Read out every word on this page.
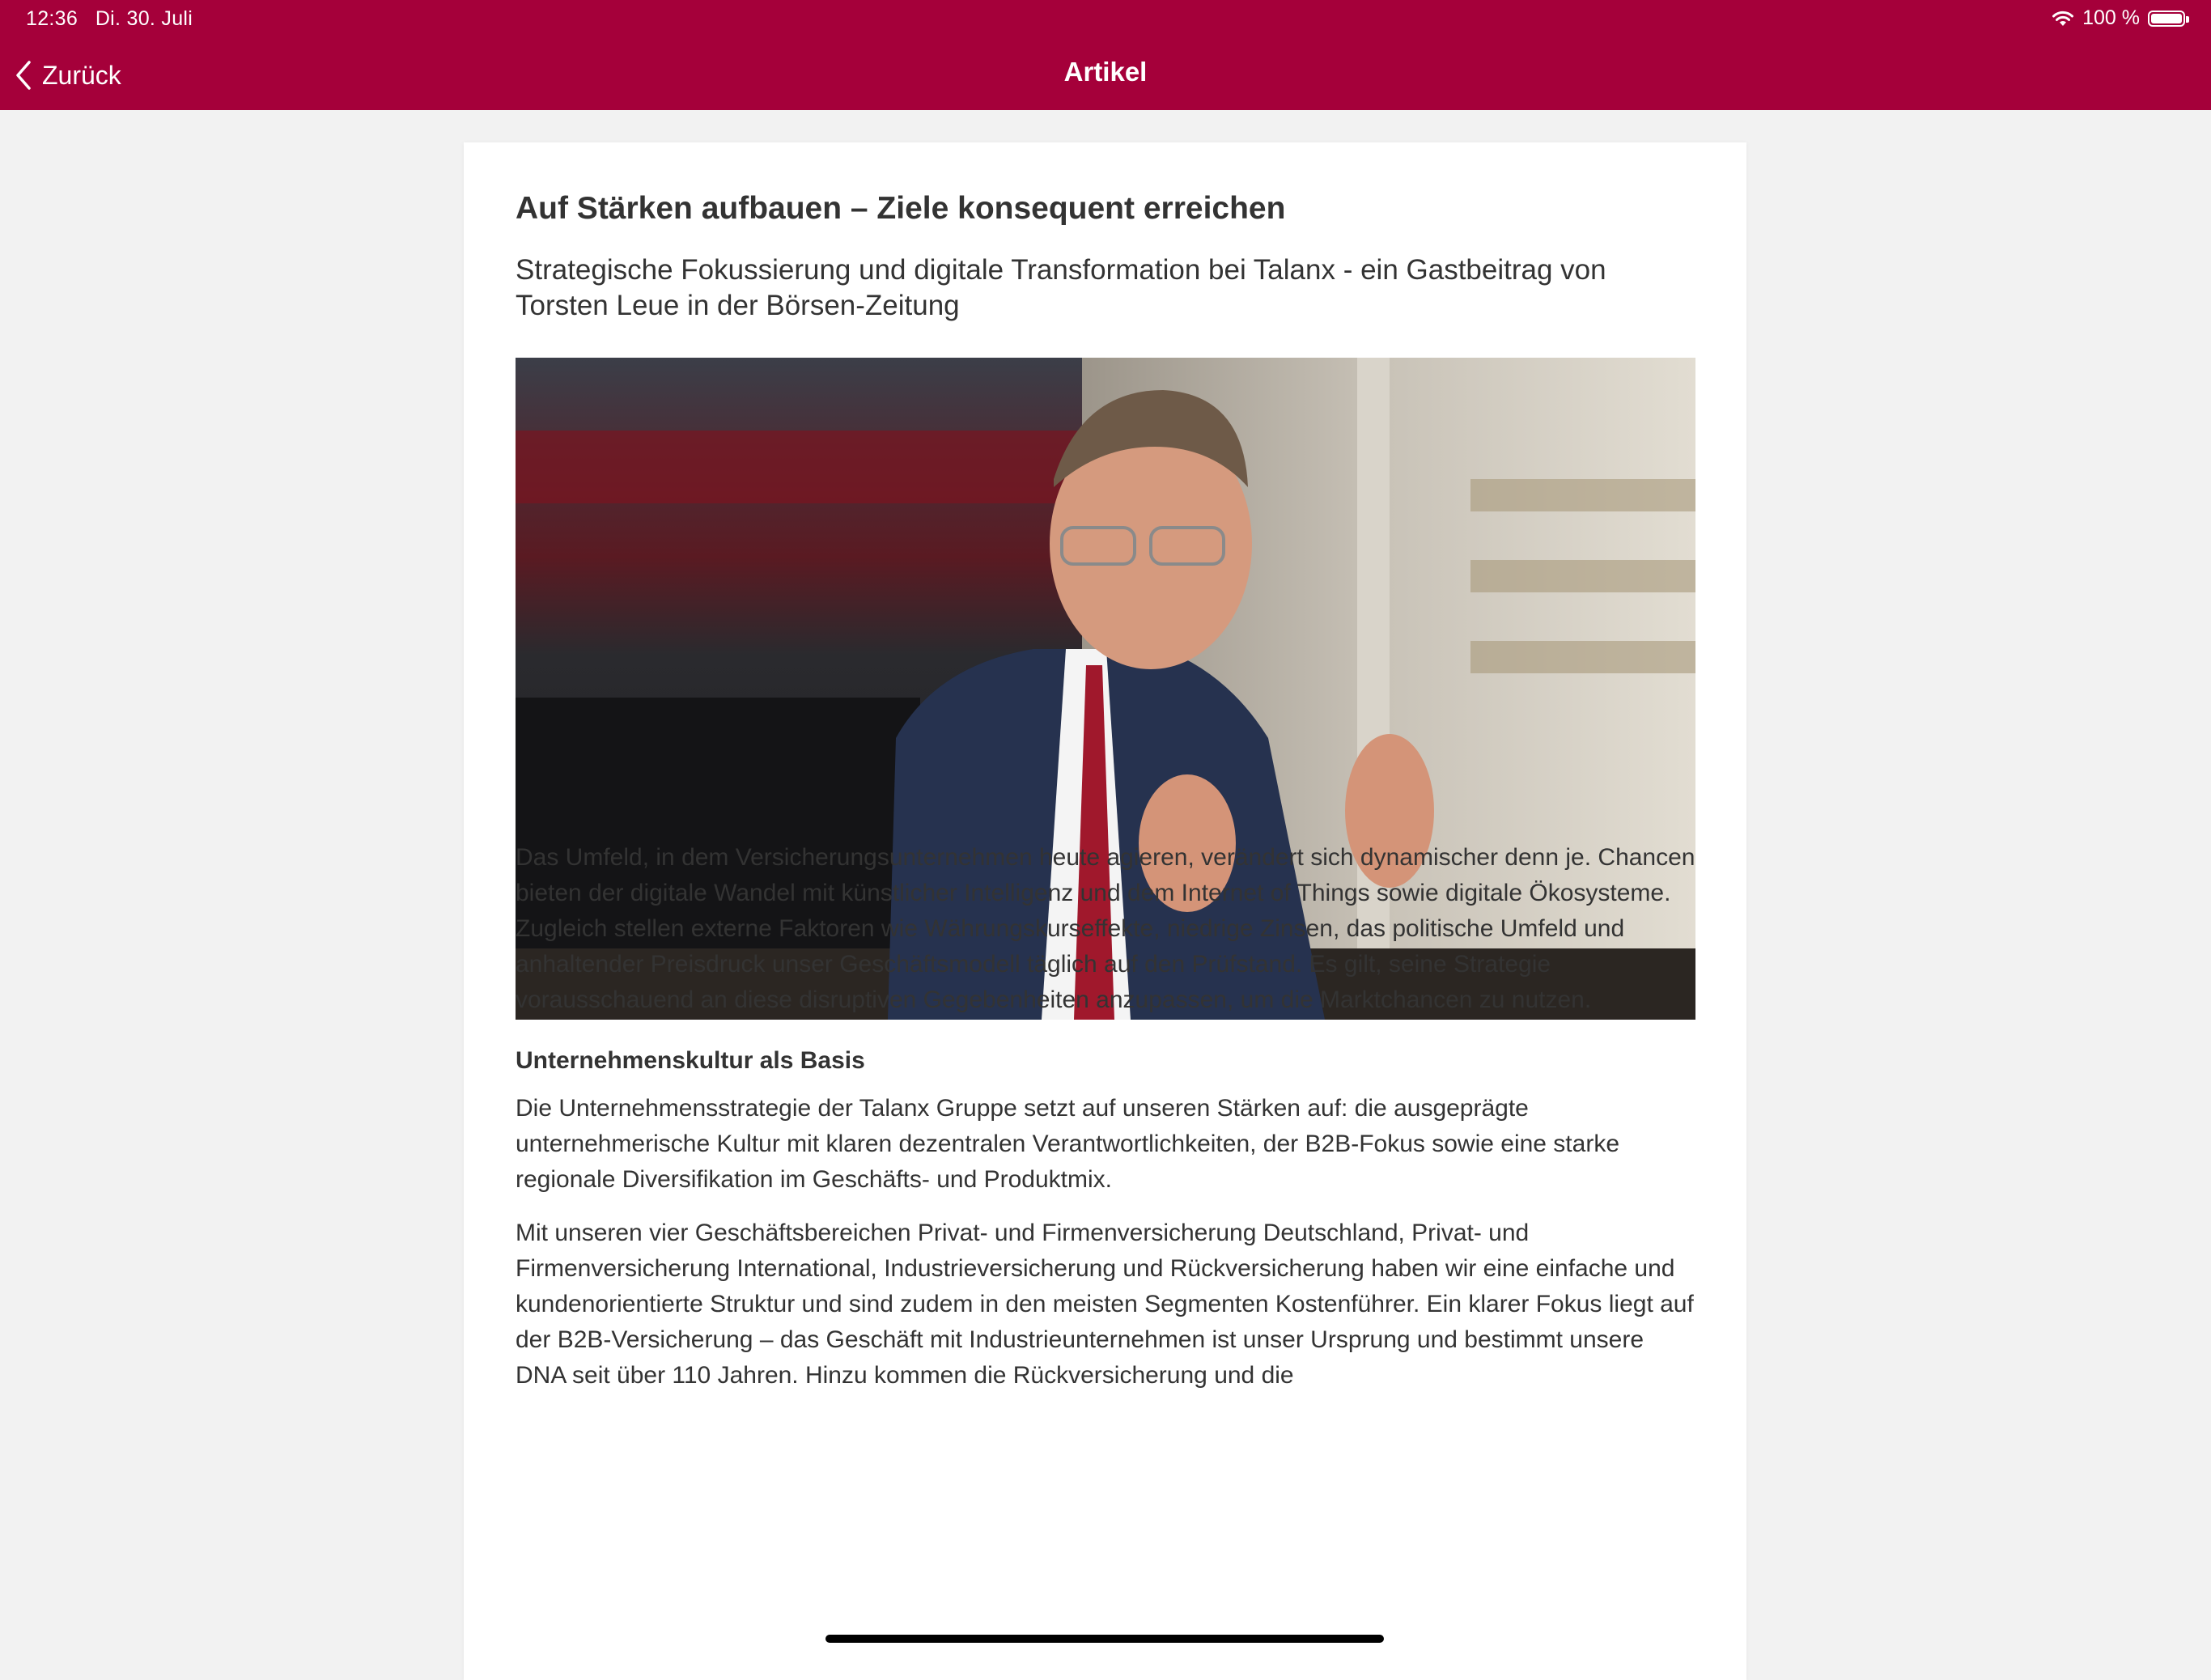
12:36 Di. 30. Juli	100 %
Zurück	Artikel
Auf Stärken aufbauen – Ziele konsequent erreichen

Strategische Fokussierung und digitale Transformation bei Talanx - ein Gastbeitrag von Torsten Leue in der Börsen-Zeitung

Das Umfeld, in dem Versicherungsunternehmen heute agieren, verändert sich dynamischer denn je. Chancen bieten der digitale Wandel mit künstlicher Intelligenz und dem Internet of Things sowie digitale Ökosysteme. Zugleich stellen externe Faktoren wie Währungskurseffekte, niedrige Zinsen, das politische Umfeld und anhaltender Preisdruck unser Geschäftsmodell täglich auf den Prüfstand. Es gilt, seine Strategie vorausschauend an diese disruptiven Gegebenheiten anzupassen, um die Marktchancen zu nutzen.

Unternehmenskultur als Basis

Die Unternehmensstrategie der Talanx Gruppe setzt auf unseren Stärken auf: die ausgeprägte unternehmerische Kultur mit klaren dezentralen Verantwortlichkeiten, der B2B-Fokus sowie eine starke regionale Diversifikation im Geschäfts- und Produktmix.

Mit unseren vier Geschäftsbereichen Privat- und Firmenversicherung Deutschland, Privat- und Firmenversicherung International, Industrieversicherung und Rückversicherung haben wir eine einfache und kundenorientierte Struktur und sind zudem in den meisten Segmenten Kostenführer. Ein klarer Fokus liegt auf der B2B-Versicherung – das Geschäft mit Industrieunternehmen ist unser Ursprung und bestimmt unsere DNA seit über 110 Jahren. Hinzu kommen die Rückversicherung und die
